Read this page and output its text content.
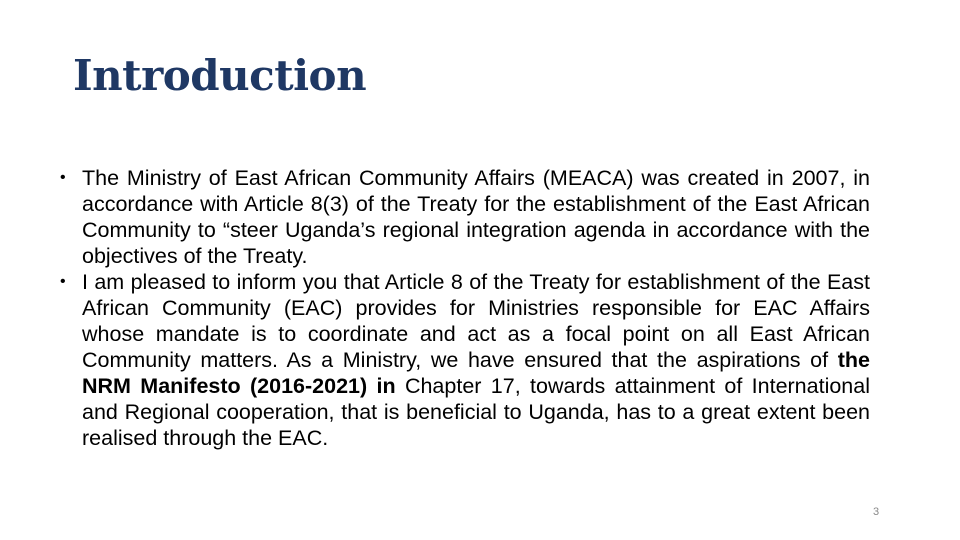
Introduction
• The Ministry of East African Community Affairs (MEACA) was created in 2007, in accordance with Article 8(3) of the Treaty for the establishment of the East African Community to “steer Uganda’s regional integration agenda in accordance with the objectives of the Treaty.
• I am pleased to inform you that Article 8 of the Treaty for establishment of the East African Community (EAC) provides for Ministries responsible for EAC Affairs whose mandate is to coordinate and act as a focal point on all East African Community matters. As a Ministry, we have ensured that the aspirations of the NRM Manifesto (2016-2021) in Chapter 17, towards attainment of International and Regional cooperation, that is beneficial to Uganda, has to a great extent been realised through the EAC.
3
